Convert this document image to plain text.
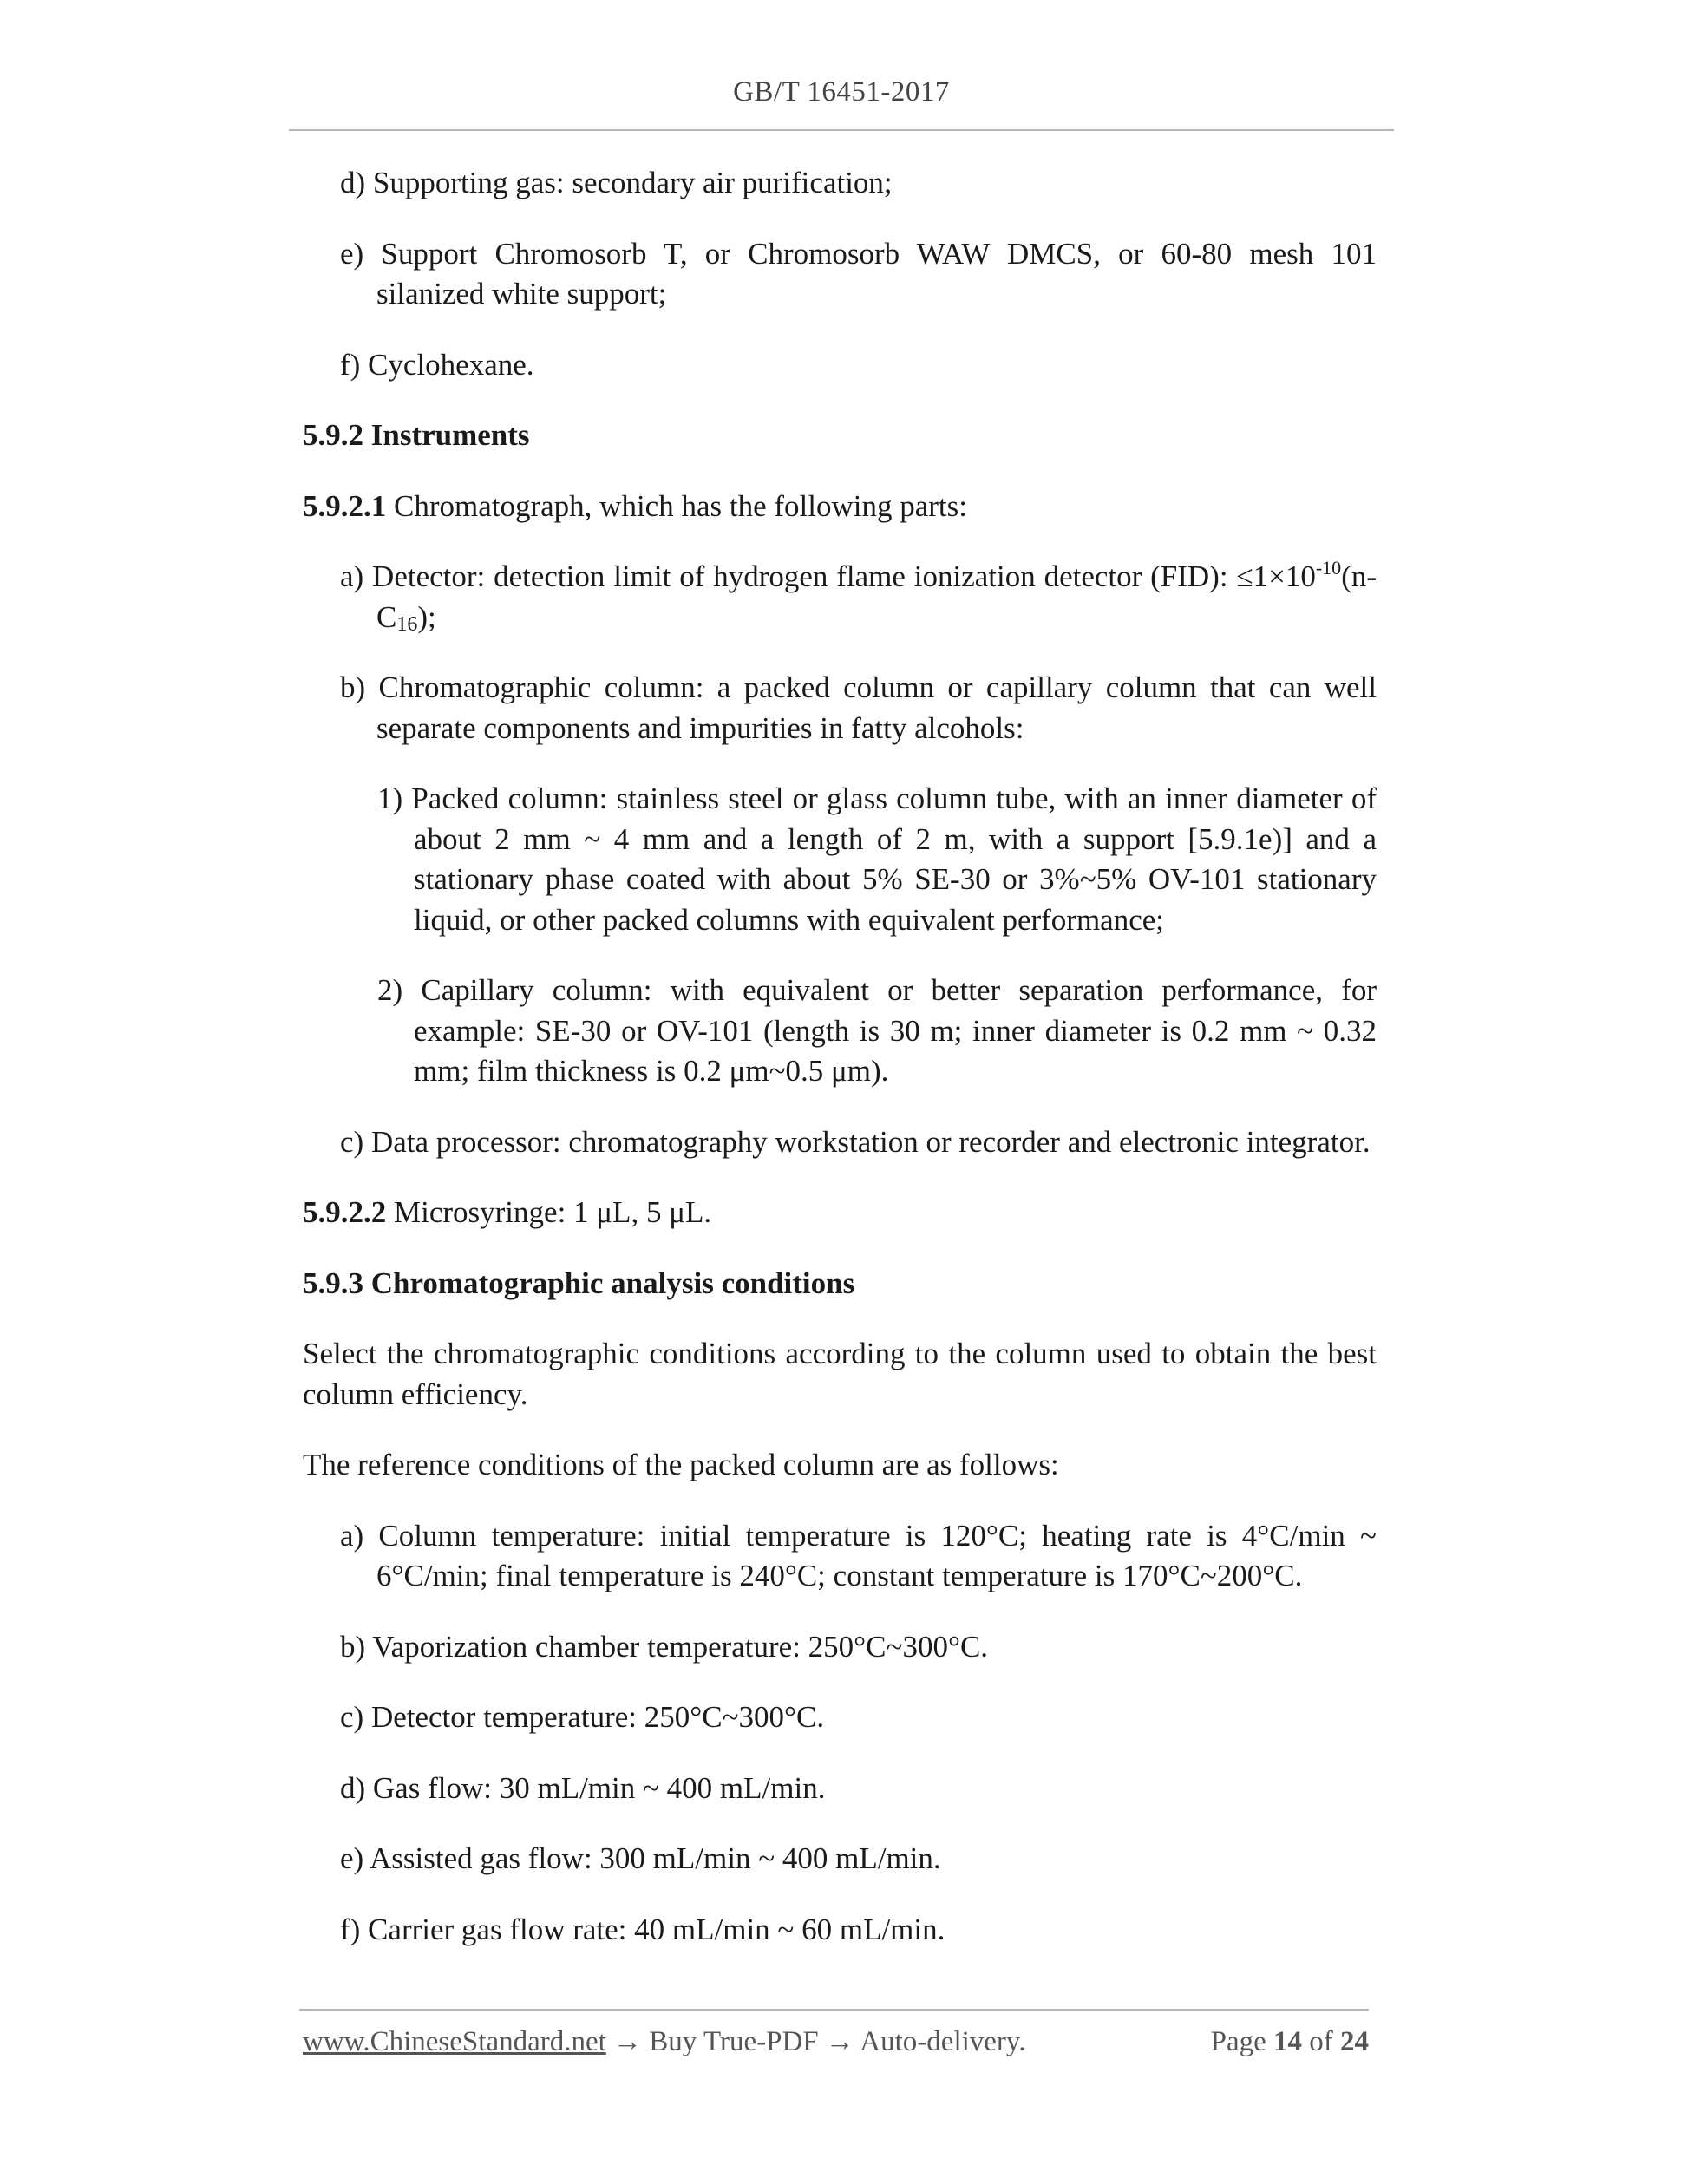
GB/T 16451-2017

d) Supporting gas: secondary air purification;

e) Support Chromosorb T, or Chromosorb WAW DMCS, or 60-80 mesh 101 silanized white support;

f) Cyclohexane.

5.9.2 Instruments

5.9.2.1 Chromatograph, which has the following parts:

a) Detector: detection limit of hydrogen flame ionization detector (FID): $\le 1\times 10^{-10}(n-C_{16})$;

b) Chromatographic column: a packed column or capillary column that can well separate components and impurities in fatty alcohols:

1) Packed column: stainless steel or glass column tube, with an inner diameter of about 2 mm ~ 4 mm and a length of 2 m, with a support [5.9.1e)] and a stationary phase coated with about 5% SE-30 or 3%~5% OV-101 stationary liquid, or other packed columns with equivalent performance;

2) Capillary column: with equivalent or better separation performance, for example: SE-30 or OV-101 (length is 30 m; inner diameter is 0.2 mm ~ 0.32 mm; film thickness is 0.2 μm~0.5 μm).

c) Data processor: chromatography workstation or recorder and electronic integrator.

5.9.2.2 Microsyringe: 1 μL, 5 μL.

5.9.3 Chromatographic analysis conditions

Select the chromatographic conditions according to the column used to obtain the best column efficiency.

The reference conditions of the packed column are as follows:

a) Column temperature: initial temperature is 120°C; heating rate is 4°C/min ~ 6°C/min; final temperature is 240°C; constant temperature is 170°C~200°C.

b) Vaporization chamber temperature: 250°C~300°C.

c) Detector temperature: 250°C~300°C.

d) Gas flow: 30 mL/min ~ 400 mL/min.

e) Assisted gas flow: 300 mL/min ~ 400 mL/min.

f) Carrier gas flow rate: 40 mL/min ~ 60 mL/min.

www.ChineseStandard.net → Buy True-PDF → Auto-delivery.	Page 14 of 24
